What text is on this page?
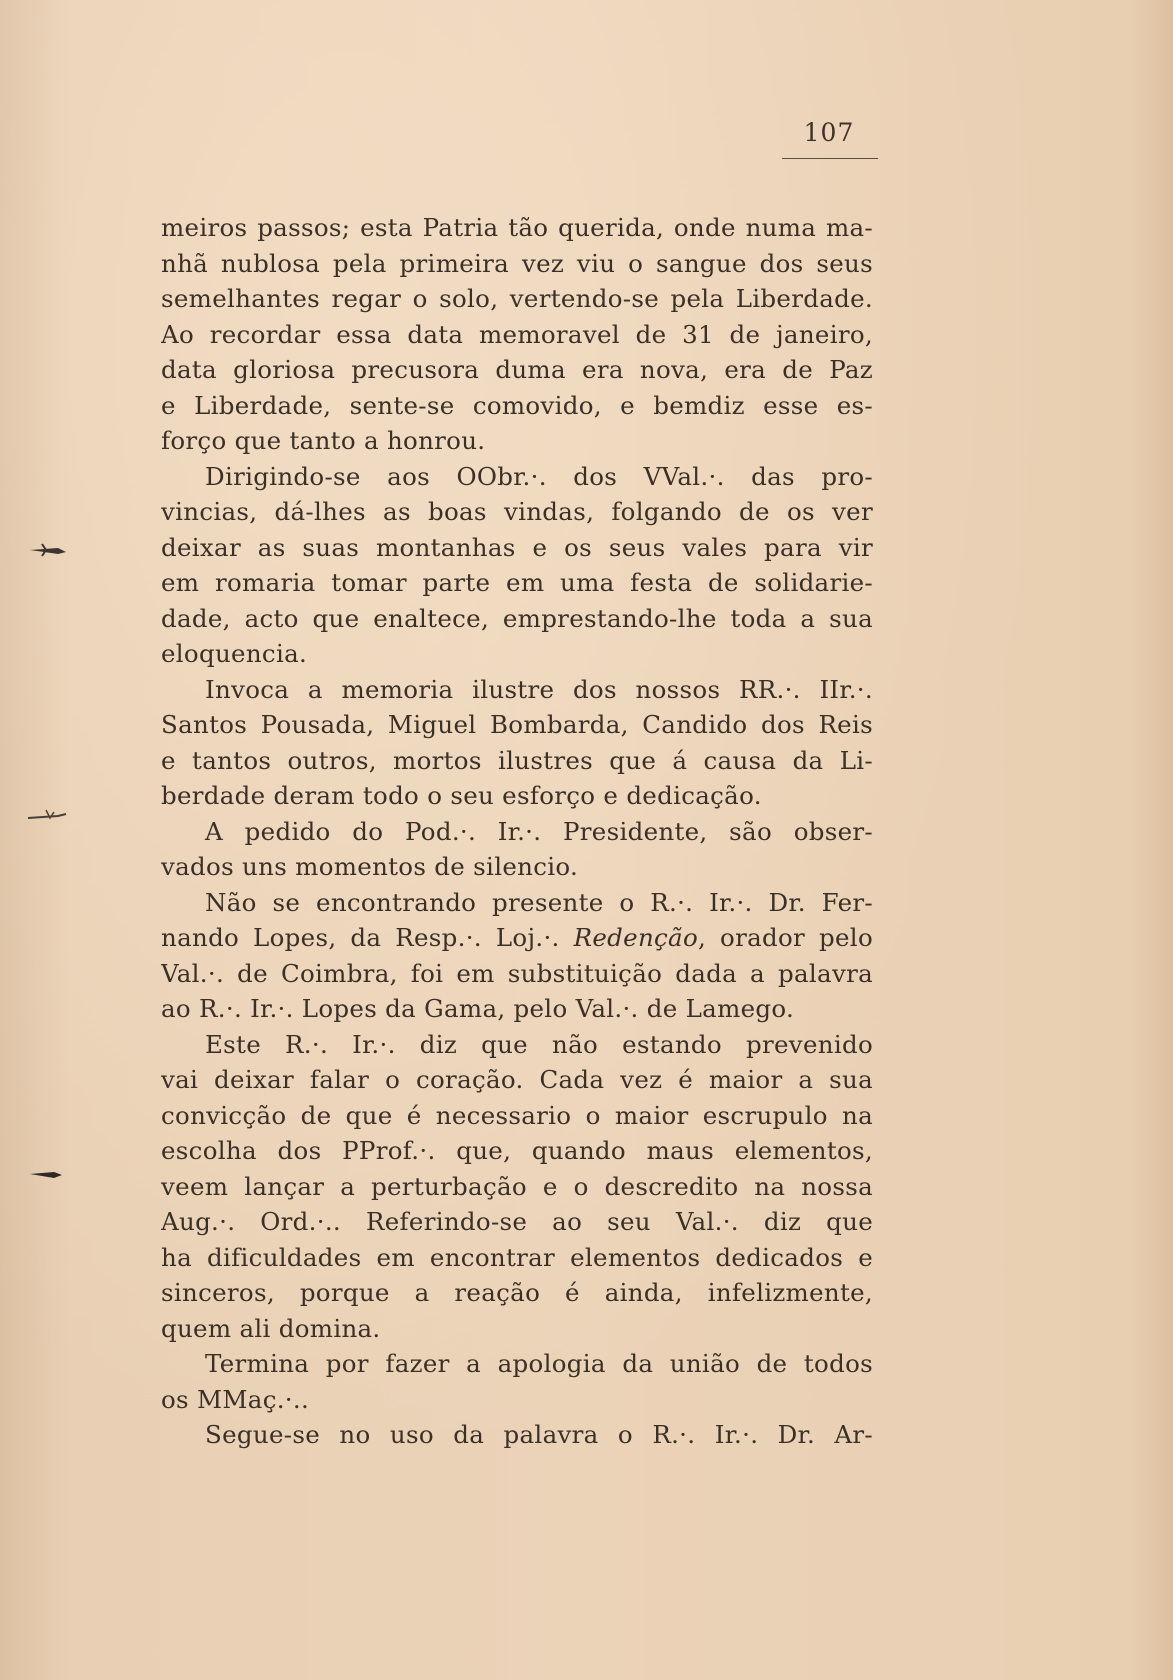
107
meiros passos; esta Patria tão querida, onde numa ma-
nhã nublosa pela primeira vez viu o sangue dos seus
semelhantes regar o solo, vertendo-se pela Liberdade.
Ao recordar essa data memoravel de 31 de janeiro,
data gloriosa precusora duma era nova, era de Paz
e Liberdade, sente-se comovido, e bemdiz esse es-
forço que tanto a honrou.
Dirigindo-se aos OObr.·. dos VVal.·. das pro-
vincias, dá-lhes as boas vindas, folgando de os ver
deixar as suas montanhas e os seus vales para vir
em romaria tomar parte em uma festa de solidarie-
dade, acto que enaltece, emprestando-lhe toda a sua
eloquencia.
Invoca a memoria ilustre dos nossos RR.·. IIr.·.
Santos Pousada, Miguel Bombarda, Candido dos Reis
e tantos outros, mortos ilustres que á causa da Li-
berdade deram todo o seu esforço e dedicação.
A pedido do Pod.·. Ir.·. Presidente, são obser-
vados uns momentos de silencio.
Não se encontrando presente o R.·. Ir.·. Dr. Fer-
nando Lopes, da Resp.·. Loj.·. Redenção, orador pelo
Val.·. de Coimbra, foi em substituição dada a palavra
ao R.·. Ir.·. Lopes da Gama, pelo Val.·. de Lamego.
Este R.·. Ir.·. diz que não estando prevenido
vai deixar falar o coração. Cada vez é maior a sua
convicção de que é necessario o maior escrupulo na
escolha dos PProf.·. que, quando maus elementos,
veem lançar a perturbação e o descredito na nossa
Aug.·. Ord.·.. Referindo-se ao seu Val.·. diz que
ha dificuldades em encontrar elementos dedicados e
sinceros, porque a reação é ainda, infelizmente,
quem ali domina.
Termina por fazer a apologia da união de todos
os MMaç.·..
Segue-se no uso da palavra o R.·. Ir.·. Dr. Ar-
